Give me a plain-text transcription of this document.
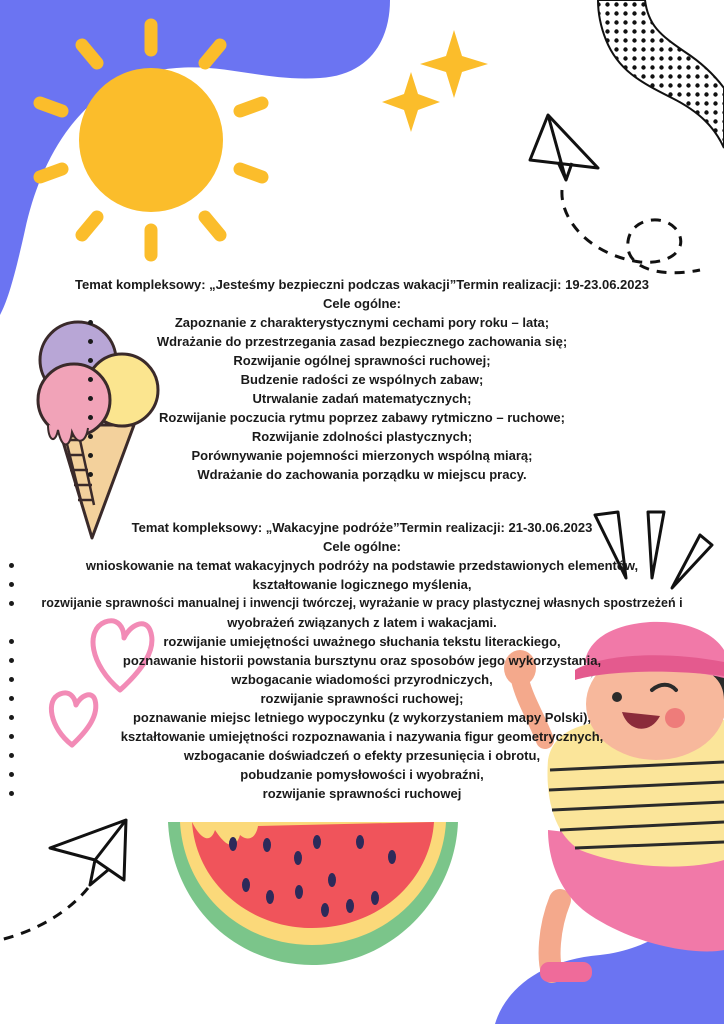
Temat kompleksowy: „Jesteśmy bezpieczni podczas wakacji”Termin realizacji: 19-23.06.2023
Cele ogólne:
Zapoznanie z charakterystycznymi cechami pory roku – lata;
Wdrażanie do przestrzegania zasad bezpiecznego zachowania się;
Rozwijanie ogólnej sprawności ruchowej;
Budzenie radości ze wspólnych zabaw;
Utrwalanie zadań matematycznych;
Rozwijanie poczucia rytmu poprzez zabawy rytmiczno – ruchowe;
Rozwijanie zdolności plastycznych;
Porównywanie pojemności mierzonych wspólną miarą;
Wdrażanie do zachowania porządku w miejscu pracy.
Temat kompleksowy: „Wakacyjne podróże”Termin realizacji: 21-30.06.2023
Cele ogólne:
wnioskowanie na temat wakacyjnych podróży na podstawie przedstawionych elementów,
kształtowanie logicznego myślenia,
rozwijanie sprawności manualnej i inwencji twórczej, wyrażanie w pracy plastycznej własnych spostrzeżeń i
wyobrażeń związanych z latem i wakacjami.
rozwijanie umiejętności uważnego słuchania tekstu literackiego,
poznawanie historii powstania bursztynu oraz sposobów jego wykorzystania,
wzbogacanie wiadomości przyrodniczych,
rozwijanie sprawności ruchowej;
poznawanie miejsc letniego wypoczynku (z wykorzystaniem mapy Polski),
kształtowanie umiejętności rozpoznawania i nazywania figur geometrycznych,
wzbogacanie doświadczeń o efekty przesunięcia i obrotu,
pobudzanie pomysłowości i wyobraźni,
rozwijanie sprawności ruchowej
